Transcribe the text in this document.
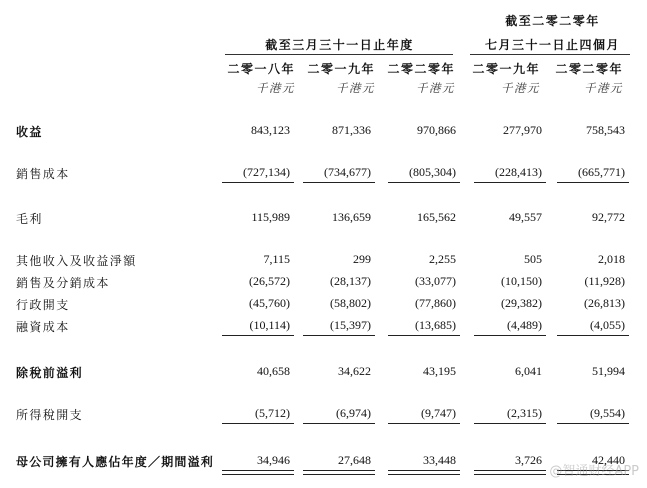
截至二零二零年
截至三月三十一日止年度	七月三十一日止四個月
二零一八年 二零一九年 二零二零年 二零一九年 二零二零年
千港元	千港元	千港元	千港元	千港元
收益	843,123	871,336	970,866	277,970	758,543
銷售成本	(727,134)	(734,677)	(805,304)	(228,413)	(665,771)
毛利	115,989	136,659	165,562	49,557	92,772
其他收入及收益淨額	7,115	299	2,255	505	2,018
銷售及分銷成本	(26,572)	(28,137)	(33,077)	(10,150)	(11,928)
行政開支	(45,760)	(58,802)	(77,860)	(29,382)	(26,813)
融資成本	(10,114)	(15,397)	(13,685)	(4,489)	(4,055)
除稅前溢利	40,658	34,622	43,195	6,041	51,994
所得稅開支	(5,712)	(6,974)	(9,747)	(2,315)	(9,554)
母公司擁有人應佔年度／期間溢利	34,946	27,648	33,448	3,726	42,440
@智通财经APP
